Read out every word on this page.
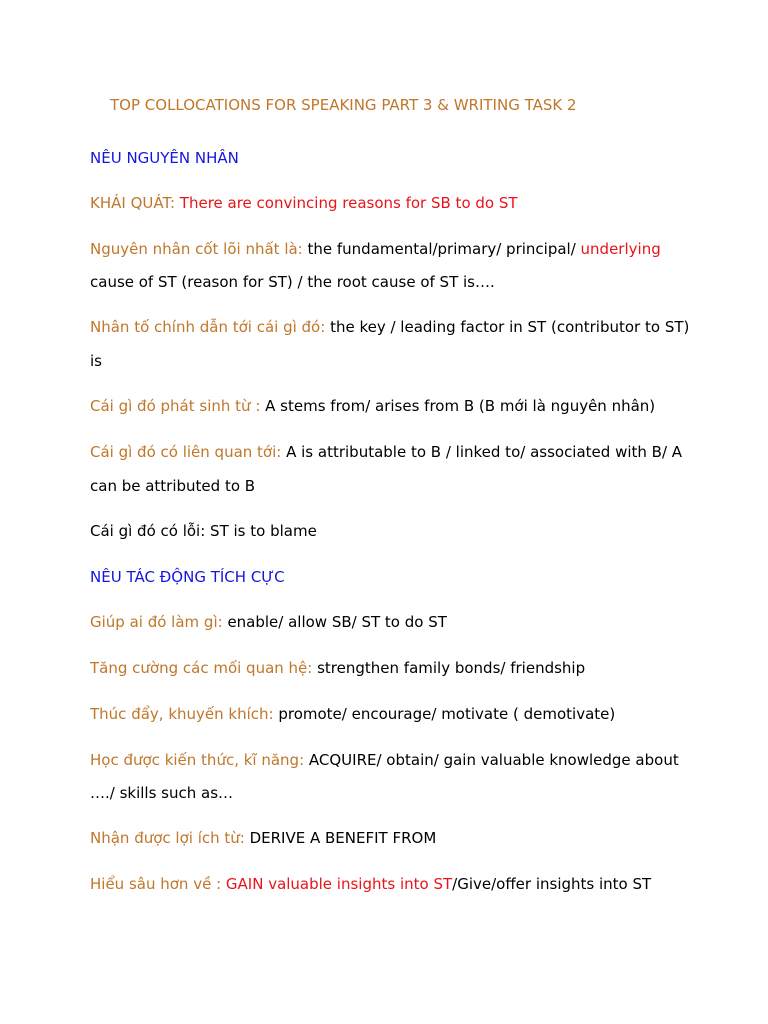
TOP COLLOCATIONS FOR SPEAKING PART 3 & WRITING TASK 2
NÊU NGUYÊN NHÂN
KHÁI QUÁT: There are convincing reasons for SB to do ST
Nguyên nhân cốt lõi nhất là: the fundamental/primary/ principal/ underlying
cause of ST (reason for ST) / the root cause of ST is….
Nhân tố chính dẫn tới cái gì đó: the key / leading factor in ST (contributor to ST)
is
Cái gì đó phát sinh từ : A stems from/ arises from B (B mới là nguyên nhân)
Cái gì đó có liên quan tới: A is attributable to B / linked to/ associated with B/ A
can be attributed to B
Cái gì đó có lỗi: ST is to blame
NÊU TÁC ĐỘNG TÍCH CỰC
Giúp ai đó làm gì: enable/ allow SB/ ST to do ST
Tăng cường các mối quan hệ: strengthen family bonds/ friendship
Thúc đẩy, khuyến khích: promote/ encourage/ motivate ( demotivate)
Học được kiến thức, kĩ năng: ACQUIRE/ obtain/ gain valuable knowledge about
…./ skills such as…
Nhận được lợi ích từ: DERIVE A BENEFIT FROM
Hiểu sâu hơn về : GAIN valuable insights into ST/Give/offer insights into ST
